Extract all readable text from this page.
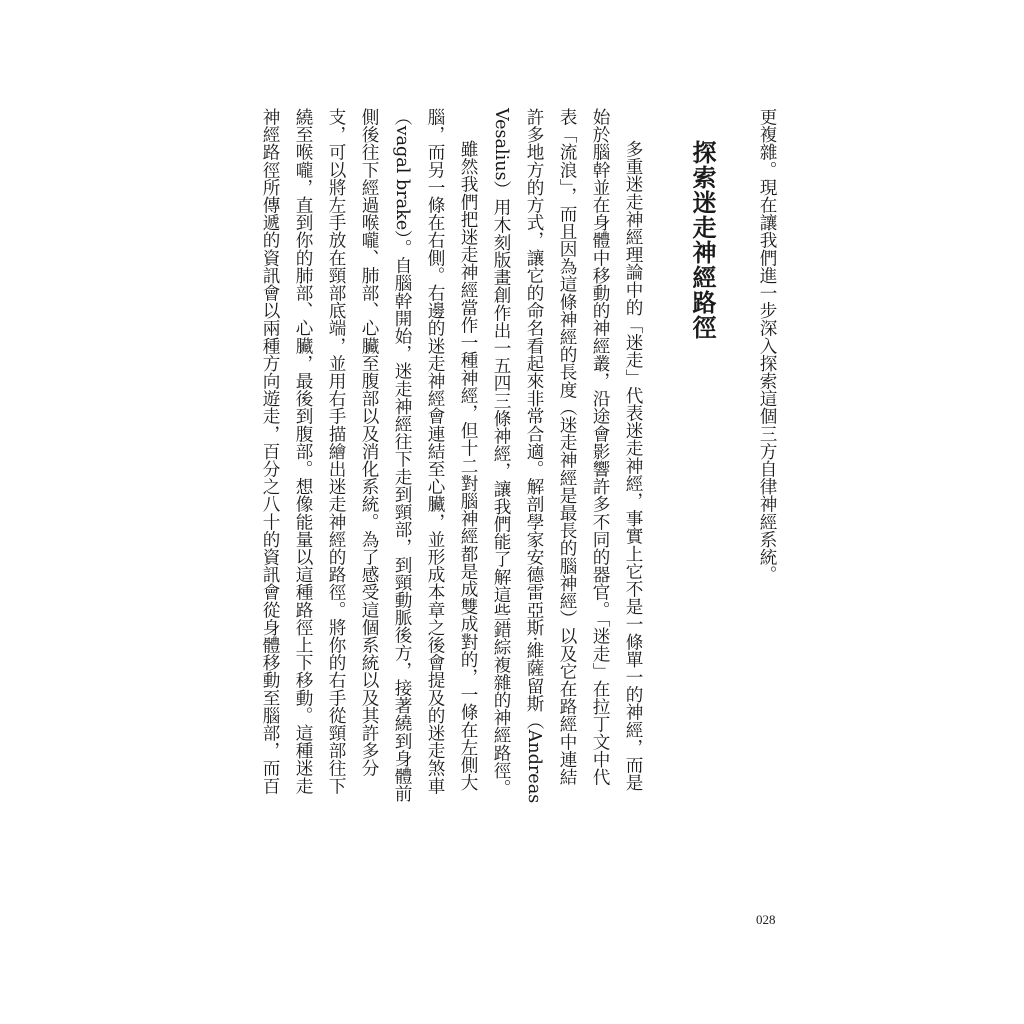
更複雜。現在讓我們進一步深入探索這個三方自律神經系統。
探索迷走神經路徑
多重迷走神經理論中的「迷走」代表迷走神經，事實上它不是一條單一的神經，而是
始於腦幹並在身體中移動的神經叢，沿途會影響許多不同的器官。「迷走」在拉丁文中代
表「流浪」，而且因為這條神經的長度（迷走神經是最長的腦神經）以及它在路經中連結
許多地方的方式，讓它的命名看起來非常合適。解剖學家安德雷亞斯‧維薩留斯（Andreas
Vesalius）用木刻版畫創作出一五四三條神經，讓我們能了解這些錯綜複雜的神經路徑。
雖然我們把迷走神經當作一種神經，但十二對腦神經都是成雙成對的，一條在左側大
腦，而另一條在右側。右邊的迷走神經會連結至心臟，並形成本章之後會提及的迷走煞車
（vagal brake）。自腦幹開始，迷走神經往下走到頸部，到頸動脈後方，接著繞到身體前
側後往下經過喉嚨、肺部、心臟至腹部以及消化系統。為了感受這個系統以及其許多分
支，可以將左手放在頸部底端，並用右手描繪出迷走神經的路徑。將你的右手從頸部往下
繞至喉嚨，直到你的肺部、心臟，最後到腹部。想像能量以這種路徑上下移動。這種迷走
神經路徑所傳遞的資訊會以兩種方向遊走，百分之八十的資訊會從身體移動至腦部，而百
028
